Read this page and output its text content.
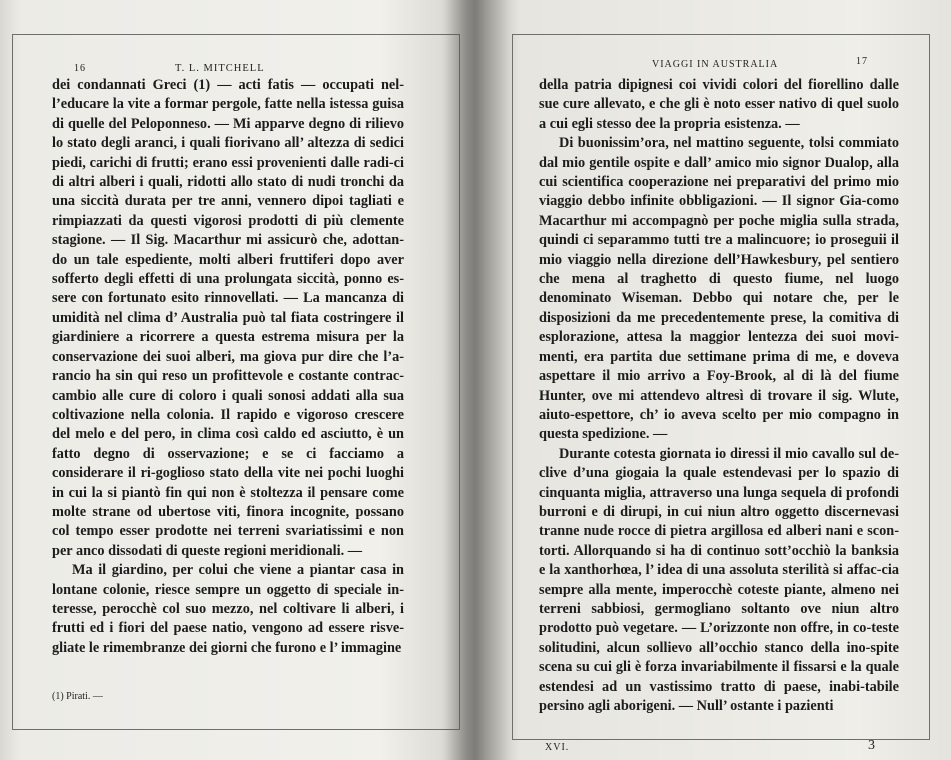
16	T. L. MITCHELL

dei condannati Greci (1) — acti fatis — occupati nel-l’educare la vite a formar pergole, fatte nella istessa guisa di quelle del Peloponneso. — Mi apparve degno di rilievo lo stato degli aranci, i quali fiorivano all’ altezza di sedici piedi, carichi di frutti; erano essi provenienti dalle radi-ci di altri alberi i quali, ridotti allo stato di nudi tronchi da una siccità durata per tre anni, vennero dipoi tagliati e rimpiazzati da questi vigorosi prodotti di più clemente stagione. — Il Sig. Macarthur mi assicurò che, adottan-do un tale espediente, molti alberi fruttiferi dopo aver sofferto degli effetti di una prolungata siccità, ponno es-sere con fortunato esito rinnovellati. — La mancanza di umidità nel clima d’ Australia può tal fiata costringere il giardiniere a ricorrere a questa estrema misura per la conservazione dei suoi alberi, ma giova pur dire che l’a-rancio ha sin qui reso un profittevole e costante contrac-cambio alle cure di coloro i quali sonosi addati alla sua coltivazione nella colonia. Il rapido e vigoroso crescere del melo e del pero, in clima così caldo ed asciutto, è un fatto degno di osservazione; e se ci facciamo a considerare il ri-goglioso stato della vite nei pochi luoghi in cui la si piantò fin qui non è stoltezza il pensare come molte strane od ubertose viti, finora incognite, possano col tempo esser prodotte nei terreni svariatissimi e non per anco dissodati di queste regioni meridionali. —

Ma il giardino, per colui che viene a piantar casa in lontane colonie, riesce sempre un oggetto di speciale in-teresse, perocchè col suo mezzo, nel coltivare li alberi, i frutti ed i fiori del paese natio, vengono ad essere risve-gliate le rimembranze dei giorni che furono e l’ immagine

(1) Pirati. —
VIAGGI IN AUSTRALIA	17

della patria dipignesi coi vividi colori del fiorellino dalle sue cure allevato, e che gli è noto esser nativo di quel suolo a cui egli stesso dee la propria esistenza. —

Di buonissim’ora, nel mattino seguente, tolsi commiato dal mio gentile ospite e dall’ amico mio signor Dualop, alla cui scientifica cooperazione nei preparativi del primo mio viaggio debbo infinite obbligazioni. — Il signor Gia-como Macarthur mi accompagnò per poche miglia sulla strada, quindi ci separammo tutti tre a malincuore; io proseguii il mio viaggio nella direzione dell’Hawkesbury, pel sentiero che mena al traghetto di questo fiume, nel luogo denominato Wiseman. Debbo qui notare che, per le disposizioni da me precedentemente prese, la comitiva di esplorazione, attesa la maggior lentezza dei suoi movi-menti, era partita due settimane prima di me, e doveva aspettare il mio arrivo a Foy-Brook, al di là del fiume Hunter, ove mi attendevo altresì di trovare il sig. Wlute, aiuto-espettore, ch’ io aveva scelto per mio compagno in questa spedizione. —

Durante cotesta giornata io diressi il mio cavallo sul de-clive d’una giogaia la quale estendevasi per lo spazio di cinquanta miglia, attraverso una lunga sequela di profondi burroni e di dirupi, in cui niun altro oggetto discernevasi tranne nude rocce di pietra argillosa ed alberi nani e scon-torti. Allorquando si ha di continuo sott’occhiò la banksia e la xanthorhœa, l’ idea di una assoluta sterilità si affac-cia sempre alla mente, imperocchè coteste piante, almeno nei terreni sabbiosi, germogliano soltanto ove niun altro prodotto può vegetare. — L’orizzonte non offre, in co-teste solitudini, alcun sollievo all’occhio stanco della ino-spite scena su cui gli è forza invariabilmente il fissarsi e la quale estendesi ad un vastissimo tratto di paese, inabi-tabile persino agli aborigeni. — Null’ ostante i pazienti

XVI.	3
